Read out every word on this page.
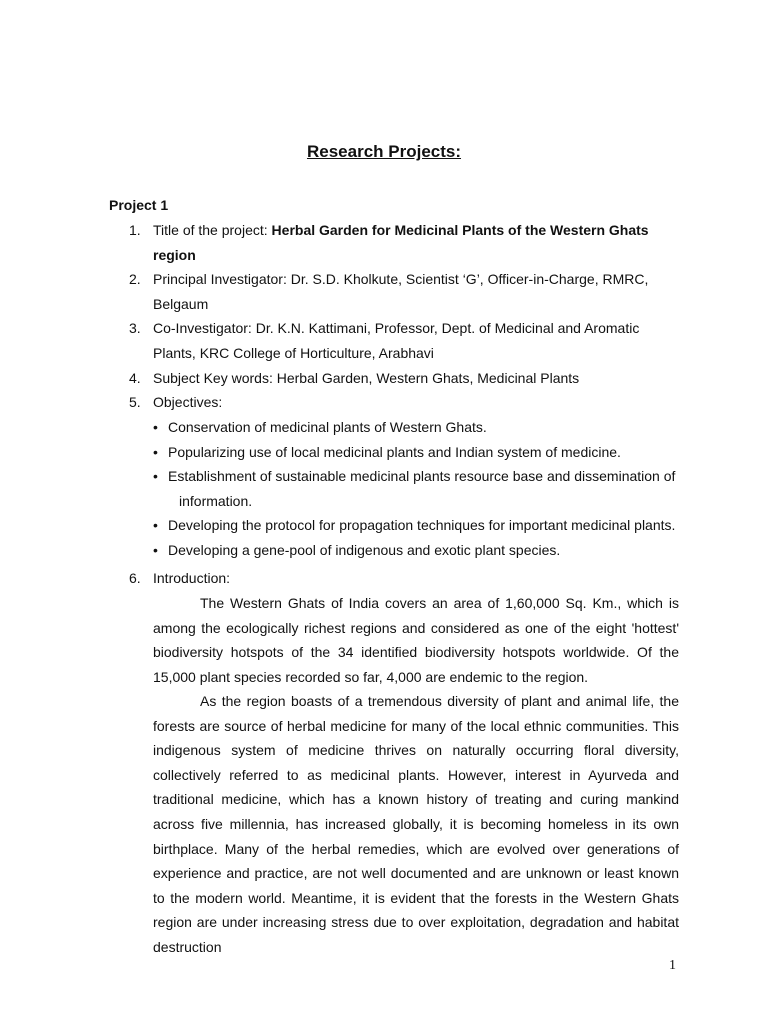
Research Projects:
Project 1
1. Title of the project: Herbal Garden for Medicinal Plants of the Western Ghats
region
2. Principal Investigator: Dr. S.D. Kholkute, Scientist ‘G’, Officer-in-Charge, RMRC,
Belgaum
3. Co-Investigator: Dr. K.N. Kattimani, Professor, Dept. of Medicinal and Aromatic
Plants, KRC College of Horticulture, Arabhavi
4. Subject Key words: Herbal Garden, Western Ghats, Medicinal Plants
5. Objectives:
• Conservation of medicinal plants of Western Ghats.
• Popularizing use of local medicinal plants and Indian system of medicine.
• Establishment of sustainable medicinal plants resource base and dissemination of
information.
• Developing the protocol for propagation techniques for important medicinal plants.
• Developing a gene-pool of indigenous and exotic plant species.
6. Introduction:
The Western Ghats of India covers an area of 1,60,000 Sq. Km., which is among the ecologically richest regions and considered as one of the eight 'hottest' biodiversity hotspots of the 34 identified biodiversity hotspots worldwide. Of the 15,000 plant species recorded so far, 4,000 are endemic to the region.
As the region boasts of a tremendous diversity of plant and animal life, the forests are source of herbal medicine for many of the local ethnic communities. This indigenous system of medicine thrives on naturally occurring floral diversity, collectively referred to as medicinal plants. However, interest in Ayurveda and traditional medicine, which has a known history of treating and curing mankind across five millennia, has increased globally, it is becoming homeless in its own birthplace. Many of the herbal remedies, which are evolved over generations of experience and practice, are not well documented and are unknown or least known to the modern world. Meantime, it is evident that the forests in the Western Ghats region are under increasing stress due to over exploitation, degradation and habitat destruction
1
